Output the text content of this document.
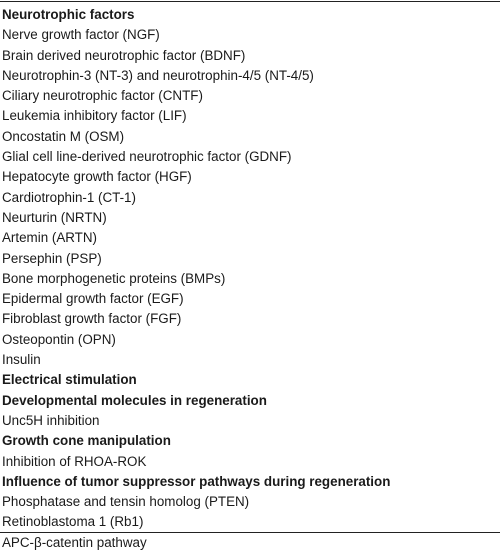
Neurotrophic factors
Nerve growth factor (NGF)
Brain derived neurotrophic factor (BDNF)
Neurotrophin-3 (NT-3) and neurotrophin-4/5 (NT-4/5)
Ciliary neurotrophic factor (CNTF)
Leukemia inhibitory factor (LIF)
Oncostatin M (OSM)
Glial cell line-derived neurotrophic factor (GDNF)
Hepatocyte growth factor (HGF)
Cardiotrophin-1 (CT-1)
Neurturin (NRTN)
Artemin (ARTN)
Persephin (PSP)
Bone morphogenetic proteins (BMPs)
Epidermal growth factor (EGF)
Fibroblast growth factor (FGF)
Osteopontin (OPN)
Insulin
Electrical stimulation
Developmental molecules in regeneration
Unc5H inhibition
Growth cone manipulation
Inhibition of RHOA-ROK
Influence of tumor suppressor pathways during regeneration
Phosphatase and tensin homolog (PTEN)
Retinoblastoma 1 (Rb1)
APC-β-catentin pathway
